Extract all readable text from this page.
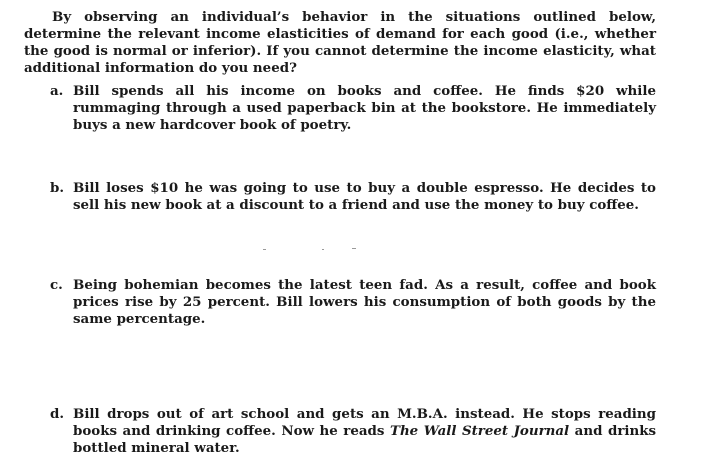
By observing an individual’s behavior in the situations outlined below, determine the relevant income elasticities of demand for each good (i.e., whether the good is normal or inferior). If you cannot determine the income elasticity, what additional information do you need?

a. Bill spends all his income on books and coffee. He finds $20 while rummaging through a used paperback bin at the bookstore. He immediately buys a new hardcover book of poetry.
b. Bill loses $10 he was going to use to buy a double espresso. He decides to sell his new book at a discount to a friend and use the money to buy coffee.
c. Being bohemian becomes the latest teen fad. As a result, coffee and book prices rise by 25 percent. Bill lowers his consumption of both goods by the same percentage.
d. Bill drops out of art school and gets an M.B.A. instead. He stops reading books and drinking coffee. Now he reads The Wall Street Journal and drinks bottled mineral water.
